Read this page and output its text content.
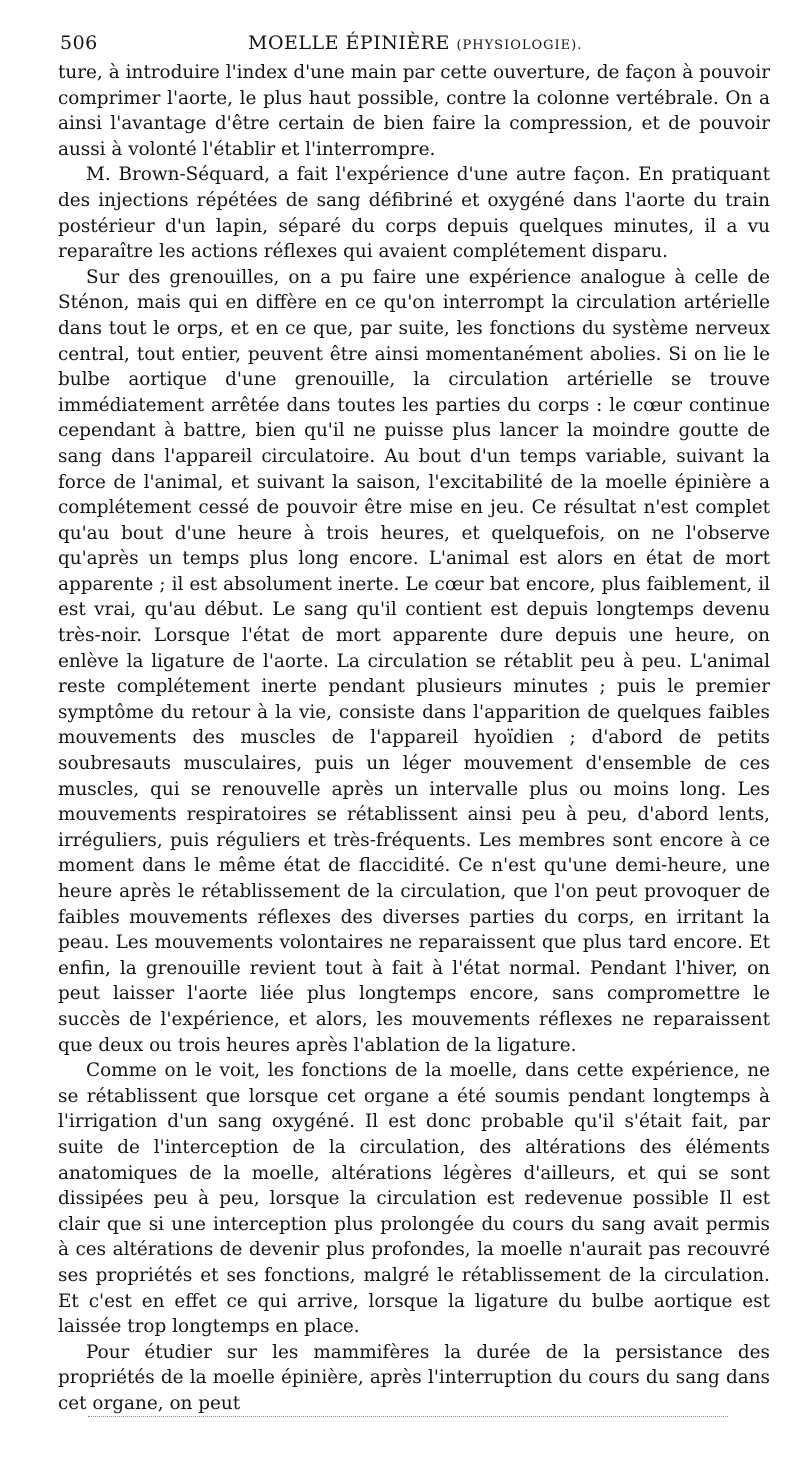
506	MOELLE ÉPINIÈRE (PHYSIOLOGIE).

ture, à introduire l'index d'une main par cette ouverture, de façon à pouvoir comprimer l'aorte, le plus haut possible, contre la colonne vertébrale. On a ainsi l'avantage d'être certain de bien faire la compression, et de pouvoir aussi à volonté l'établir et l'interrompre.

M. Brown-Séquard, a fait l'expérience d'une autre façon. En pratiquant des injections répétées de sang défibriné et oxygéné dans l'aorte du train postérieur d'un lapin, séparé du corps depuis quelques minutes, il a vu reparaître les actions réflexes qui avaient complétement disparu.

Sur des grenouilles, on a pu faire une expérience analogue à celle de Sténon, mais qui en diffère en ce qu'on interrompt la circulation artérielle dans tout le orps, et en ce que, par suite, les fonctions du système nerveux central, tout entier, peuvent être ainsi momentanément abolies. Si on lie le bulbe aortique d'une grenouille, la circulation artérielle se trouve immédiatement arrêtée dans toutes les parties du corps : le cœur continue cependant à battre, bien qu'il ne puisse plus lancer la moindre goutte de sang dans l'appareil circulatoire. Au bout d'un temps variable, suivant la force de l'animal, et suivant la saison, l'excitabilité de la moelle épinière a complétement cessé de pouvoir être mise en jeu. Ce résultat n'est complet qu'au bout d'une heure à trois heures, et quelquefois, on ne l'observe qu'après un temps plus long encore. L'animal est alors en état de mort apparente ; il est absolument inerte. Le cœur bat encore, plus faiblement, il est vrai, qu'au début. Le sang qu'il contient est depuis longtemps devenu très-noir. Lorsque l'état de mort apparente dure depuis une heure, on enlève la ligature de l'aorte. La circulation se rétablit peu à peu. L'animal reste complétement inerte pendant plusieurs minutes ; puis le premier symptôme du retour à la vie, consiste dans l'apparition de quelques faibles mouvements des muscles de l'appareil hyoïdien ; d'abord de petits soubresauts musculaires, puis un léger mouvement d'ensemble de ces muscles, qui se renouvelle après un intervalle plus ou moins long. Les mouvements respiratoires se rétablissent ainsi peu à peu, d'abord lents, irréguliers, puis réguliers et très-fréquents. Les membres sont encore à ce moment dans le même état de flaccidité. Ce n'est qu'une demi-heure, une heure après le rétablissement de la circulation, que l'on peut provoquer de faibles mouvements réflexes des diverses parties du corps, en irritant la peau. Les mouvements volontaires ne reparaissent que plus tard encore. Et enfin, la grenouille revient tout à fait à l'état normal. Pendant l'hiver, on peut laisser l'aorte liée plus longtemps encore, sans compromettre le succès de l'expérience, et alors, les mouvements réflexes ne reparaissent que deux ou trois heures après l'ablation de la ligature.

Comme on le voit, les fonctions de la moelle, dans cette expérience, ne se rétablissent que lorsque cet organe a été soumis pendant longtemps à l'irrigation d'un sang oxygéné. Il est donc probable qu'il s'était fait, par suite de l'interception de la circulation, des altérations des éléments anatomiques de la moelle, altérations légères d'ailleurs, et qui se sont dissipées peu à peu, lorsque la circulation est redevenue possible Il est clair que si une interception plus prolongée du cours du sang avait permis à ces altérations de devenir plus profondes, la moelle n'aurait pas recouvré ses propriétés et ses fonctions, malgré le rétablissement de la circulation. Et c'est en effet ce qui arrive, lorsque la ligature du bulbe aortique est laissée trop longtemps en place.

Pour étudier sur les mammifères la durée de la persistance des propriétés de la moelle épinière, après l'interruption du cours du sang dans cet organe, on peut
